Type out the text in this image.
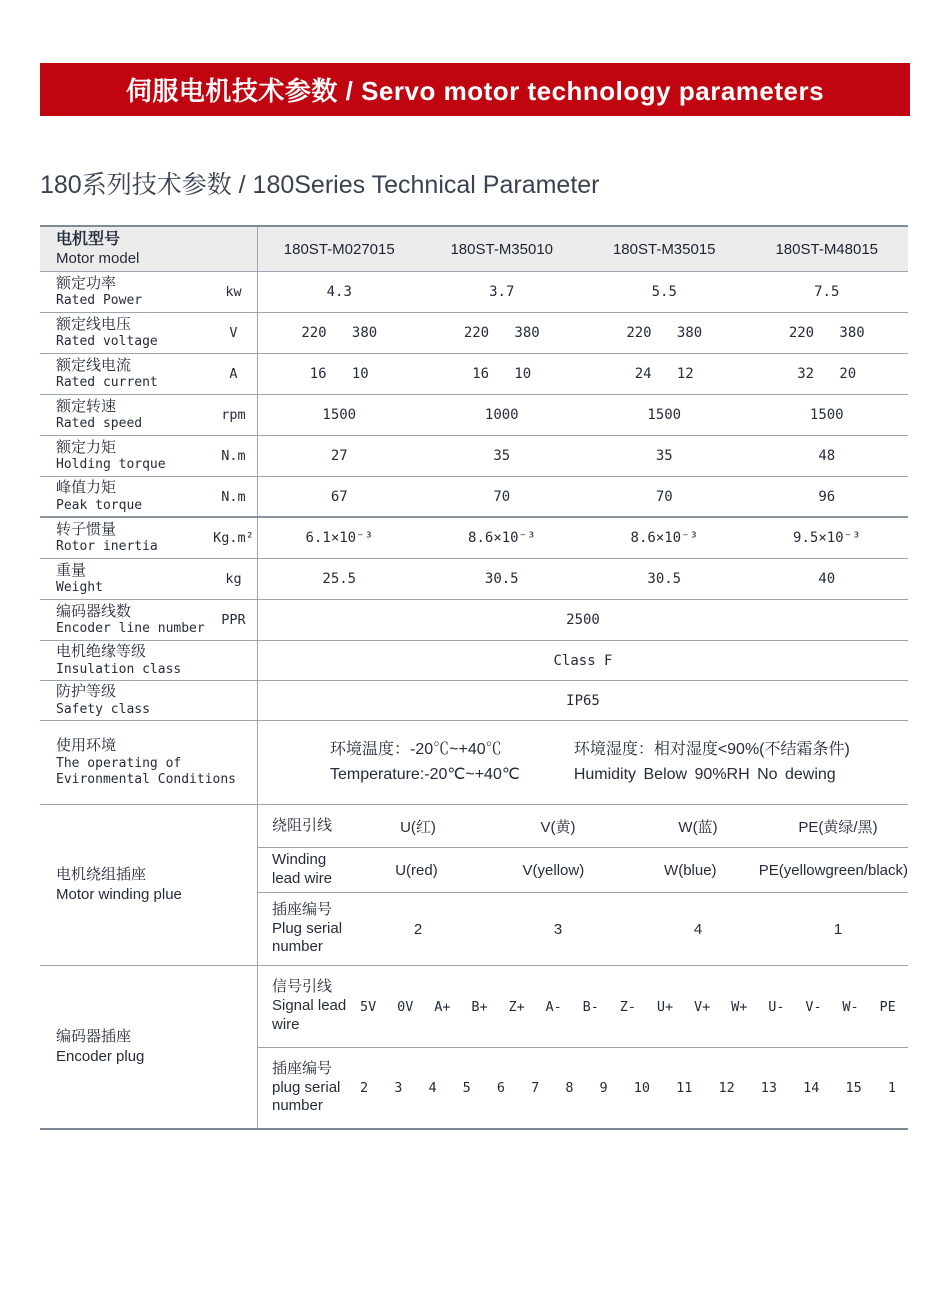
伺服电机技术参数 / Servo motor technology parameters
180系列技术参数 / 180Series Technical Parameter
电机型号
Motor model
180ST-M027015	180ST-M35010	180ST-M35015	180ST-M48015
额定功率
Rated Power
kw	4.3	3.7	5.5	7.5
额定线电压
Rated voltage
V	220   380	220   380	220   380	220   380
额定线电流
Rated current
A	16   10	16   10	24   12	32   20
额定转速
Rated speed
rpm	1500	1000	1500	1500
额定力矩
Holding torque
N.m	27	35	35	48
峰值力矩
Peak torque
N.m	67	70	70	96
转子惯量
Rotor inertia
Kg.m²	6.1×10⁻³	8.6×10⁻³	8.6×10⁻³	9.5×10⁻³
重量
Weight
kg	25.5	30.5	30.5	40
编码器线数
Encoder line number
PPR	2500
电机绝缘等级
Insulation class
Class F
防护等级
Safety class
IP65
使用环境
The operating of Evironmental Conditions
环境温度：-20℃~+40℃
Temperature:-20℃~+40℃
环境湿度：相对湿度<90%(不结霜条件)
Humidity Below 90%RH No dewing
电机绕组插座
Motor winding plue
绕阻引线	U(红)	V(黄)	W(蓝)	PE(黄绿/黑)
Winding lead wire	U(red)	V(yellow)	W(blue)	PE(yellowgreen/black)
插座编号
Plug serial number
2	3	4	1
编码器插座
Encoder plug
信号引线
Signal lead wire
5V 0V A+ B+ Z+ A- B- Z- U+ V+ W+ U- V- W- PE
插座编号
plug serial number
2 3 4 5 6 7 8 9 10 11 12 13 14 15 1
